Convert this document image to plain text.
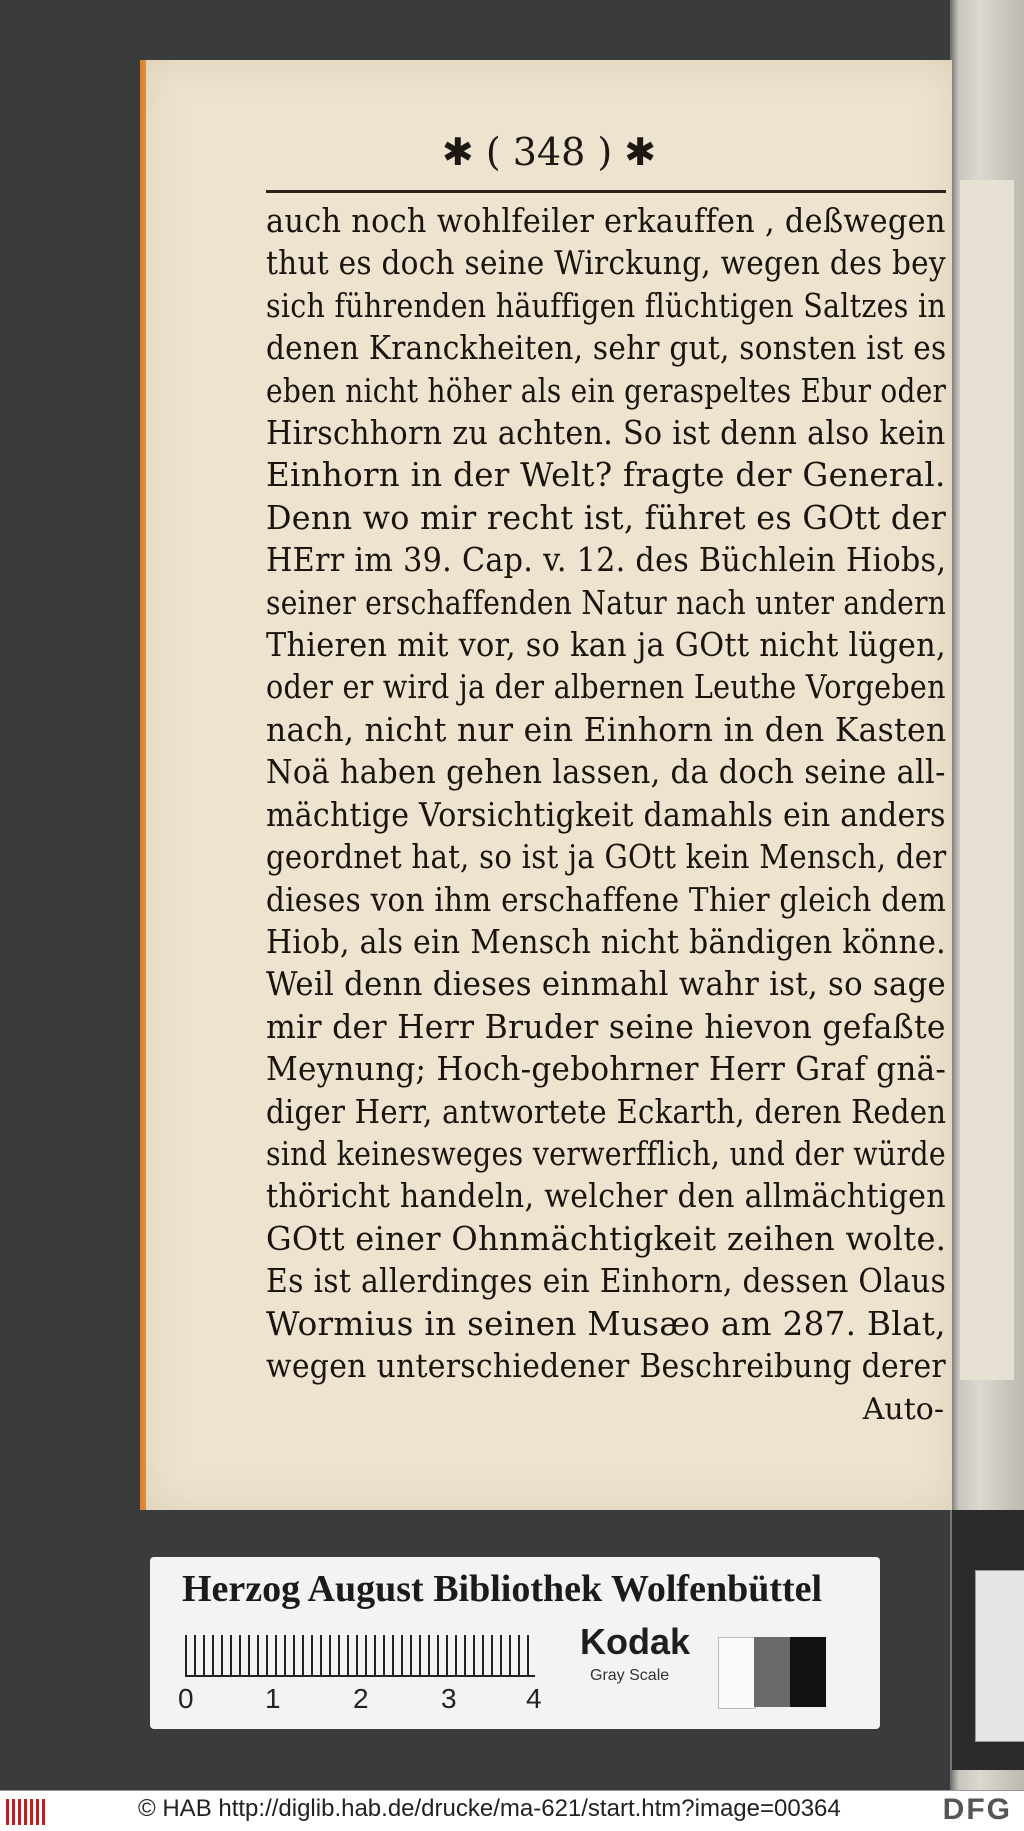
✱ ( 348 ) ✱
auch noch wohlfeiler erkauffen , deßwegen
thut es doch seine Wirckung, wegen des bey
sich führenden häuffigen flüchtigen Saltzes in
denen Kranckheiten, sehr gut, sonsten ist es
eben nicht höher als ein geraspeltes Ebur oder
Hirschhorn zu achten. So ist denn also kein
Einhorn in der Welt? fragte der General.
Denn wo mir recht ist, führet es GOtt der
HErr im 39. Cap. v. 12. des Büchlein Hiobs,
seiner erschaffenden Natur nach unter andern
Thieren mit vor, so kan ja GOtt nicht lügen,
oder er wird ja der albernen Leuthe Vorgeben
nach, nicht nur ein Einhorn in den Kasten
Noä haben gehen lassen, da doch seine all-
mächtige Vorsichtigkeit damahls ein anders
geordnet hat, so ist ja GOtt kein Mensch, der
dieses von ihm erschaffene Thier gleich dem
Hiob, als ein Mensch nicht bändigen könne.
Weil denn dieses einmahl wahr ist, so sage
mir der Herr Bruder seine hievon gefaßte
Meynung; Hoch-gebohrner Herr Graf gnä-
diger Herr, antwortete Eckarth, deren Reden
sind keinesweges verwerfflich, und der würde
thöricht handeln, welcher den allmächtigen
GOtt einer Ohnmächtigkeit zeihen wolte.
Es ist allerdinges ein Einhorn, dessen Olaus
Wormius in seinen Musæo am 287. Blat,
wegen unterschiedener Beschreibung derer
Auto-
Herzog August Bibliothek Wolfenbüttel
0	1	2	3 4
Kodak
Gray Scale
© HAB http://diglib.hab.de/drucke/ma-621/start.htm?image=00364	DFG
